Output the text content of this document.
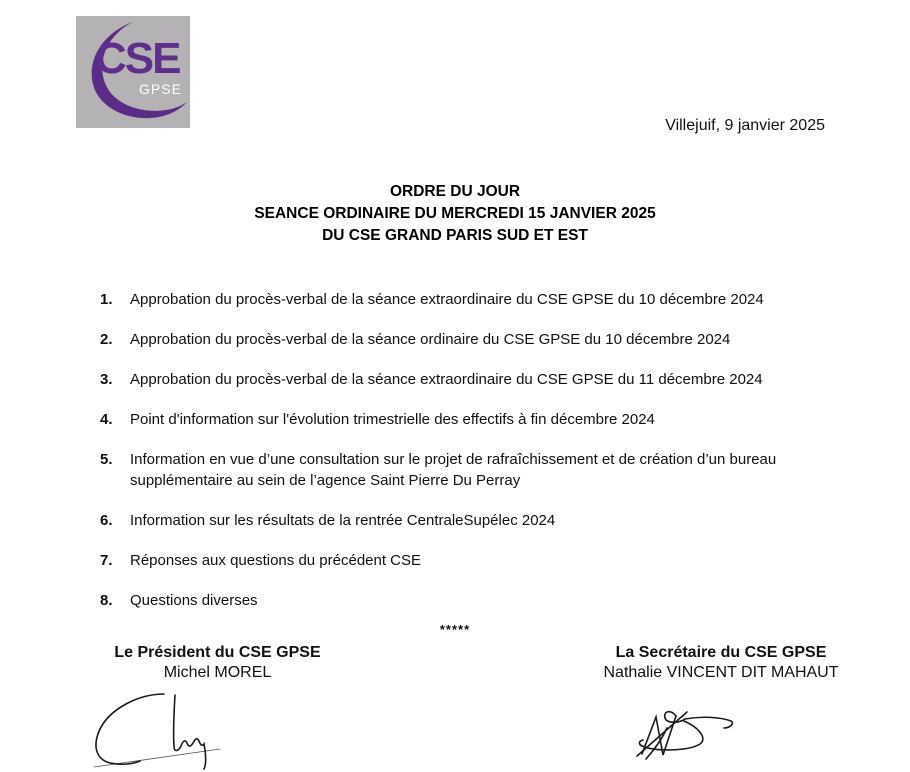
CSE
GPSE
Villejuif, 9 janvier 2025
ORDRE DU JOUR
SEANCE ORDINAIRE DU MERCREDI 15 JANVIER 2025
DU CSE GRAND PARIS SUD ET EST
1.	Approbation du procès-verbal de la séance extraordinaire du CSE GPSE du 10 décembre 2024
2.	Approbation du procès-verbal de la séance ordinaire du CSE GPSE du 10 décembre 2024
3.	Approbation du procès-verbal de la séance extraordinaire du CSE GPSE du 11 décembre 2024
4.	Point d'information sur l'évolution trimestrielle des effectifs à fin décembre 2024
5.	Information en vue d’une consultation sur le projet de rafraîchissement et de création d’un bureau supplémentaire au sein de l’agence Saint Pierre Du Perray
6.	Information sur les résultats de la rentrée CentraleSupélec 2024
7.	Réponses aux questions du précédent CSE
8.	Questions diverses
*****
Le Président du CSE GPSE
Michel MOREL
La Secrétaire du CSE GPSE
Nathalie VINCENT DIT MAHAUT
